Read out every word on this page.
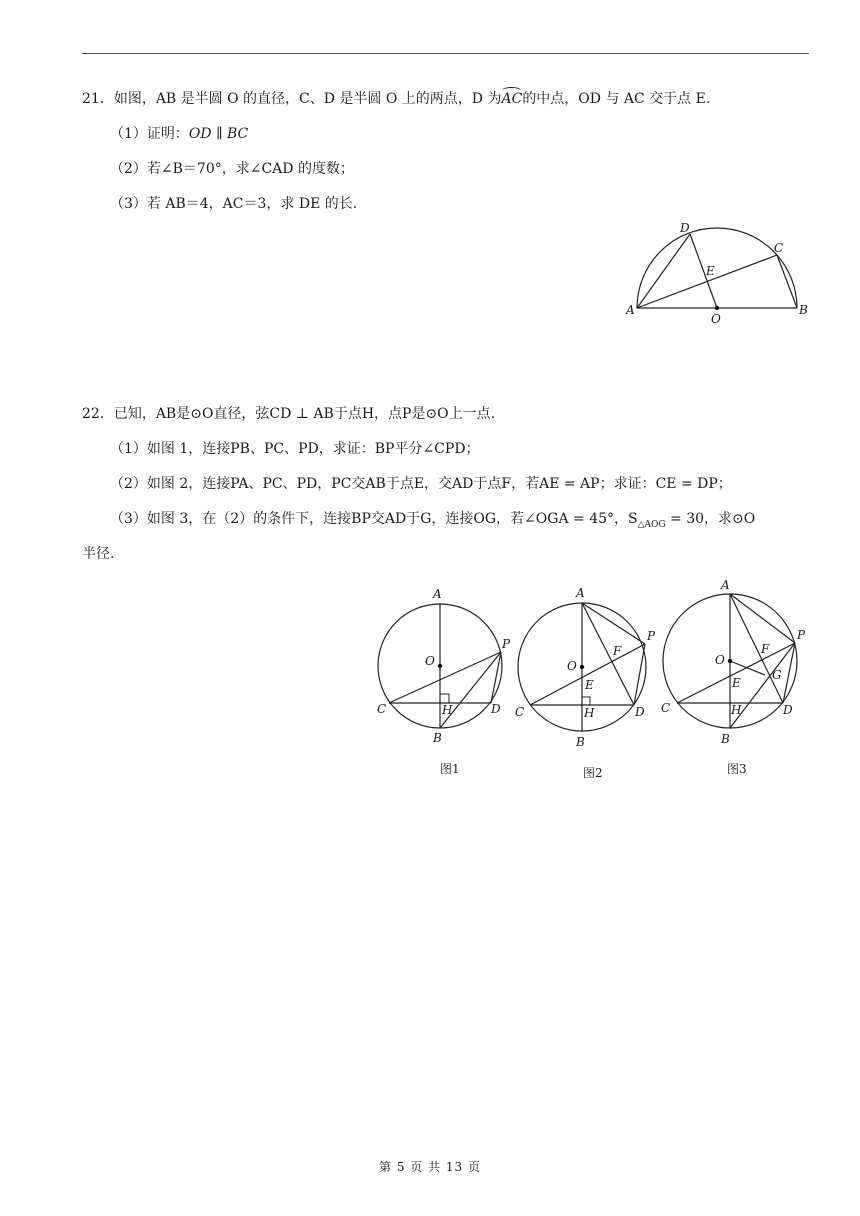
21．如图，AB 是半圆 O 的直径，C、D 是半圆 O 上的两点，D 为AC的中点，OD 与 AC 交于点 E.
（1）证明：OD ∥ BC
（2）若∠B＝70°，求∠CAD 的度数；
（3）若 AB＝4，AC＝3，求 DE 的长.
D
C
E
A
O
B
22．已知，AB是⊙O直径，弦CD ⊥ AB于点H，点P是⊙O上一点.
（1）如图 1，连接PB、PC、PD，求证：BP平分∠CPD；
（2）如图 2，连接PA、PC、PD，PC交AB于点E，交AD于点F，若AE = AP；求证：CE = DP；
（3）如图 3，在（2）的条件下，连接BP交AD于G，连接OG，若∠OGA = 45°，$S_{\triangle AOG} = 30$，求⊙O
半径.
A
O
P
C	H	D
B
图1
A
P
F
O
E
C	H	D
B
图2
A
P
F
O
G
E
C	H	D
B
图3
第 5 页 共 13 页
